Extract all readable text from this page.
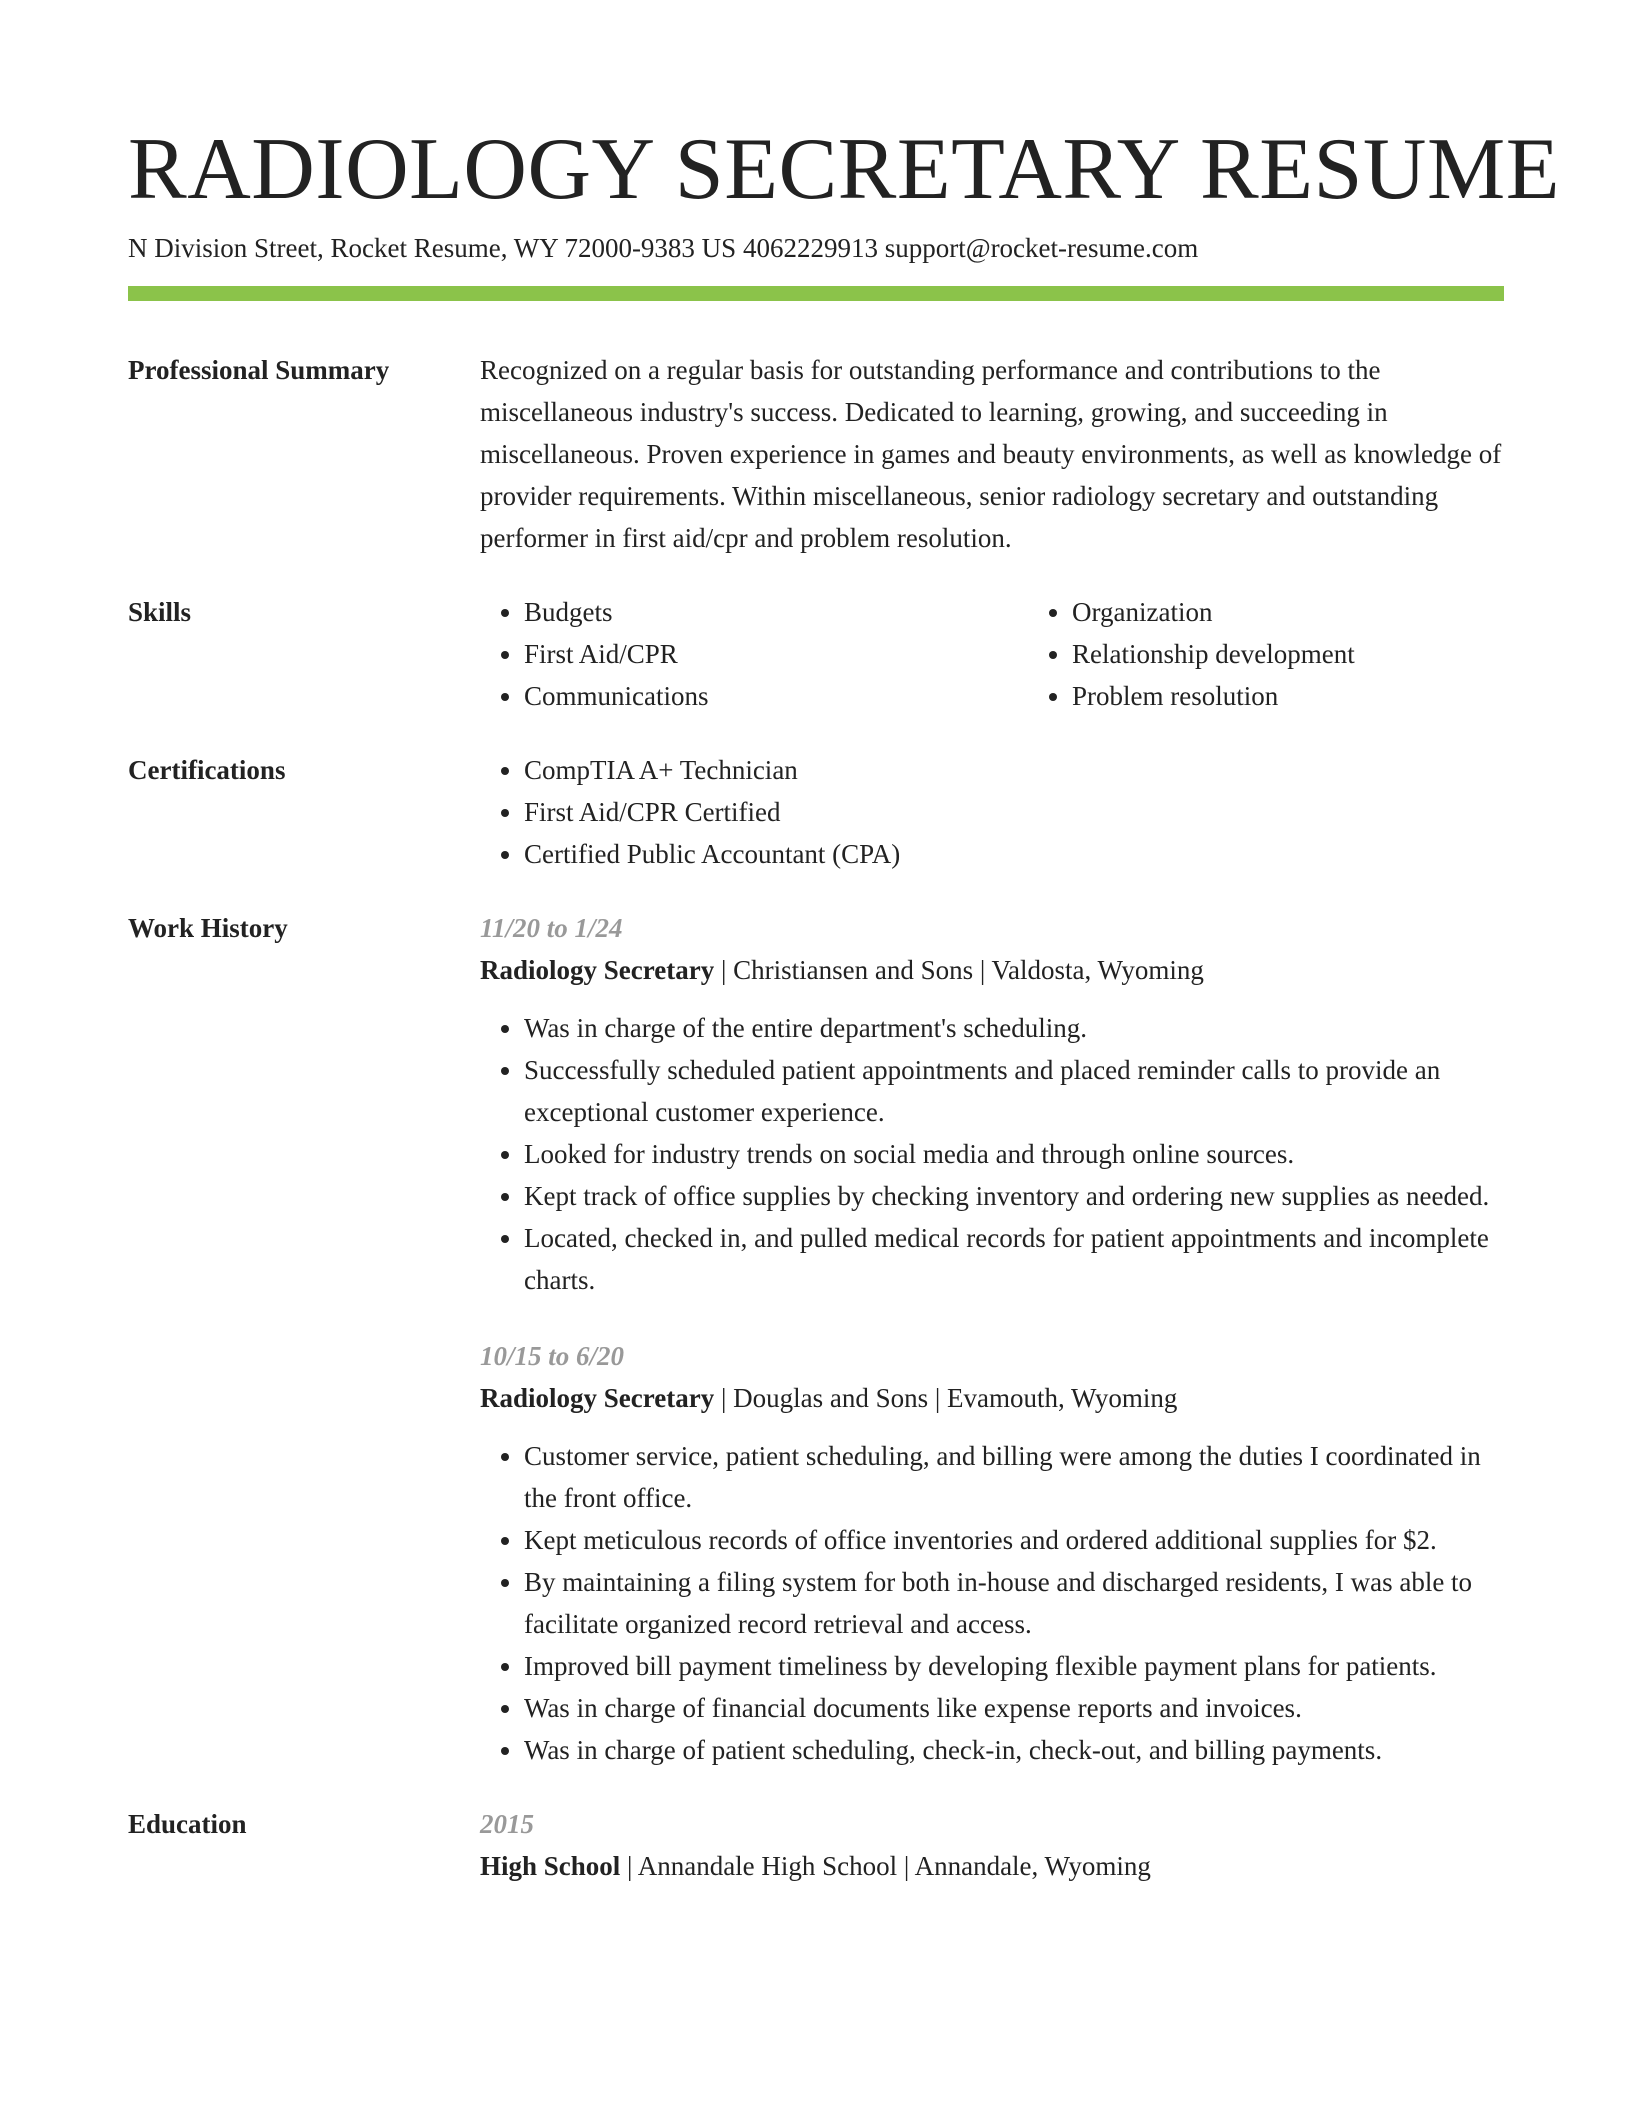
RADIOLOGY SECRETARY RESUME
N Division Street, Rocket Resume, WY 72000-9383 US 4062229913 support@rocket-resume.com
Professional Summary	Recognized on a regular basis for outstanding performance and contributions to the miscellaneous industry's success. Dedicated to learning, growing, and succeeding in miscellaneous. Proven experience in games and beauty environments, as well as knowledge of provider requirements. Within miscellaneous, senior radiology secretary and outstanding performer in first aid/cpr and problem resolution.

Skills	• Budgets
• First Aid/CPR
• Communications
• Organization
• Relationship development
• Problem resolution
Certifications	• CompTIA A+ Technician
• First Aid/CPR Certified
• Certified Public Accountant (CPA)
Work History	11/20 to 1/24
Radiology Secretary | Christiansen and Sons | Valdosta, Wyoming
• Was in charge of the entire department's scheduling.
• Successfully scheduled patient appointments and placed reminder calls to provide an exceptional customer experience.
• Looked for industry trends on social media and through online sources.
• Kept track of office supplies by checking inventory and ordering new supplies as needed.
• Located, checked in, and pulled medical records for patient appointments and incomplete charts.
10/15 to 6/20
Radiology Secretary | Douglas and Sons | Evamouth, Wyoming
• Customer service, patient scheduling, and billing were among the duties I coordinated in the front office.
• Kept meticulous records of office inventories and ordered additional supplies for $2.
• By maintaining a filing system for both in-house and discharged residents, I was able to facilitate organized record retrieval and access.
• Improved bill payment timeliness by developing flexible payment plans for patients.
• Was in charge of financial documents like expense reports and invoices.
• Was in charge of patient scheduling, check-in, check-out, and billing payments.
Education	2015
High School | Annandale High School | Annandale, Wyoming
